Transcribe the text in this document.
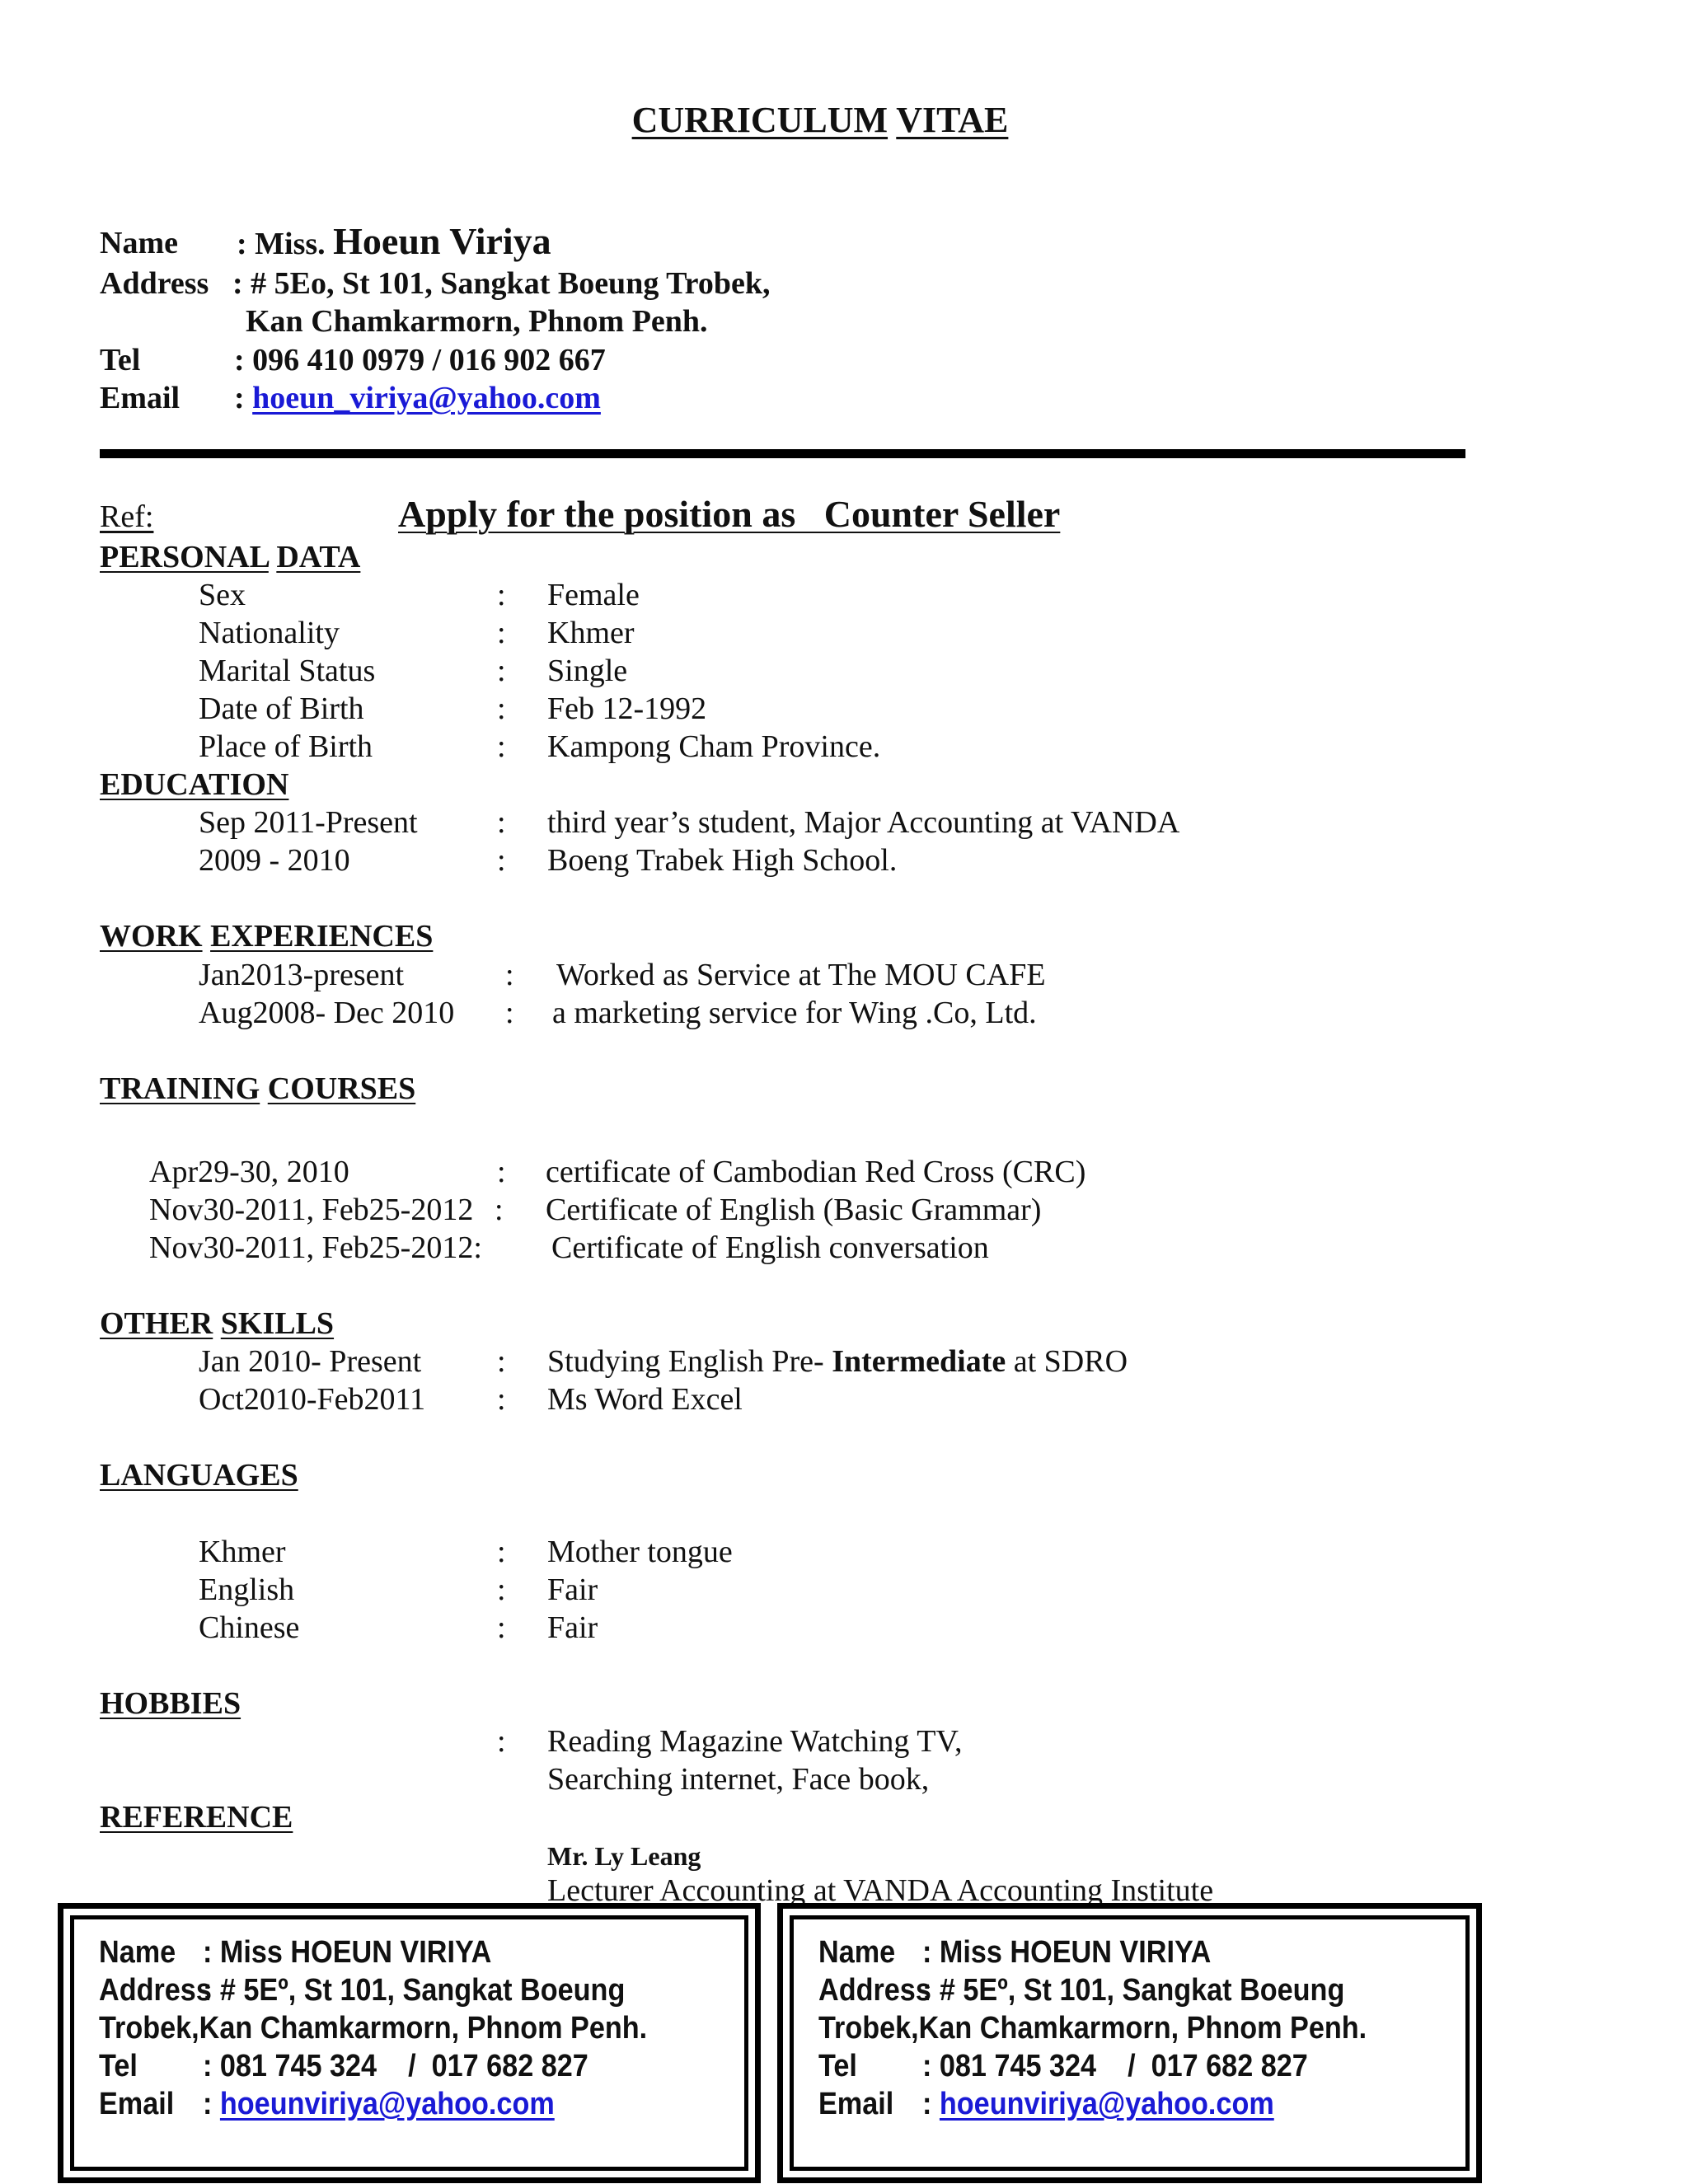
CURRICULUM VITAE
Name : Miss. Hoeun Viriya
Address : # 5Eo, St 101, Sangkat Boeung Trobek,
Kan Chamkarmorn, Phnom Penh.
Tel	: 096 410 0979 / 016 902 667
Email : hoeun_viriya@yahoo.com
Ref:	Apply for the position as   Counter Seller
PERSONAL DATA
Sex	: Female
Nationality	: Khmer
Marital Status	: Single
Date of Birth	: Feb 12-1992
Place of Birth	: Kampong Cham Province.
EDUCATION
Sep 2011-Present	: third year’s student, Major Accounting at VANDA
2009 - 2010	: Boeng Trabek High School.
WORK EXPERIENCES
Jan2013-present	: Worked as Service at The MOU CAFE
Aug2008- Dec 2010 : a marketing service for Wing .Co, Ltd.
TRAINING COURSES
Apr29-30, 2010	: certificate of Cambodian Red Cross (CRC)
Nov30-2011, Feb25-2012 : Certificate of English (Basic Grammar)
Nov30-2011, Feb25-2012: Certificate of English conversation
OTHER SKILLS
Jan 2010- Present : Studying English Pre- Intermediate at SDRO
Oct2010-Feb2011 : Ms Word Excel
LANGUAGES
Khmer	: Mother tongue
English	: Fair
Chinese	: Fair
HOBBIES
: Reading Magazine Watching TV,
Searching internet, Face book,
REFERENCE
Mr. Ly Leang
Lecturer Accounting at VANDA Accounting Institute
Name : Miss HOEUN VIRIYA
Address: # 5Eº, St 101, Sangkat Boeung
Trobek,Kan Chamkarmorn, Phnom Penh.
Tel : 081 745 324    /  017 682 827
Email : hoeunviriya@yahoo.com
Name : Miss HOEUN VIRIYA
Address: # 5Eº, St 101, Sangkat Boeung
Trobek,Kan Chamkarmorn, Phnom Penh.
Tel : 081 745 324    /  017 682 827
Email : hoeunviriya@yahoo.com
